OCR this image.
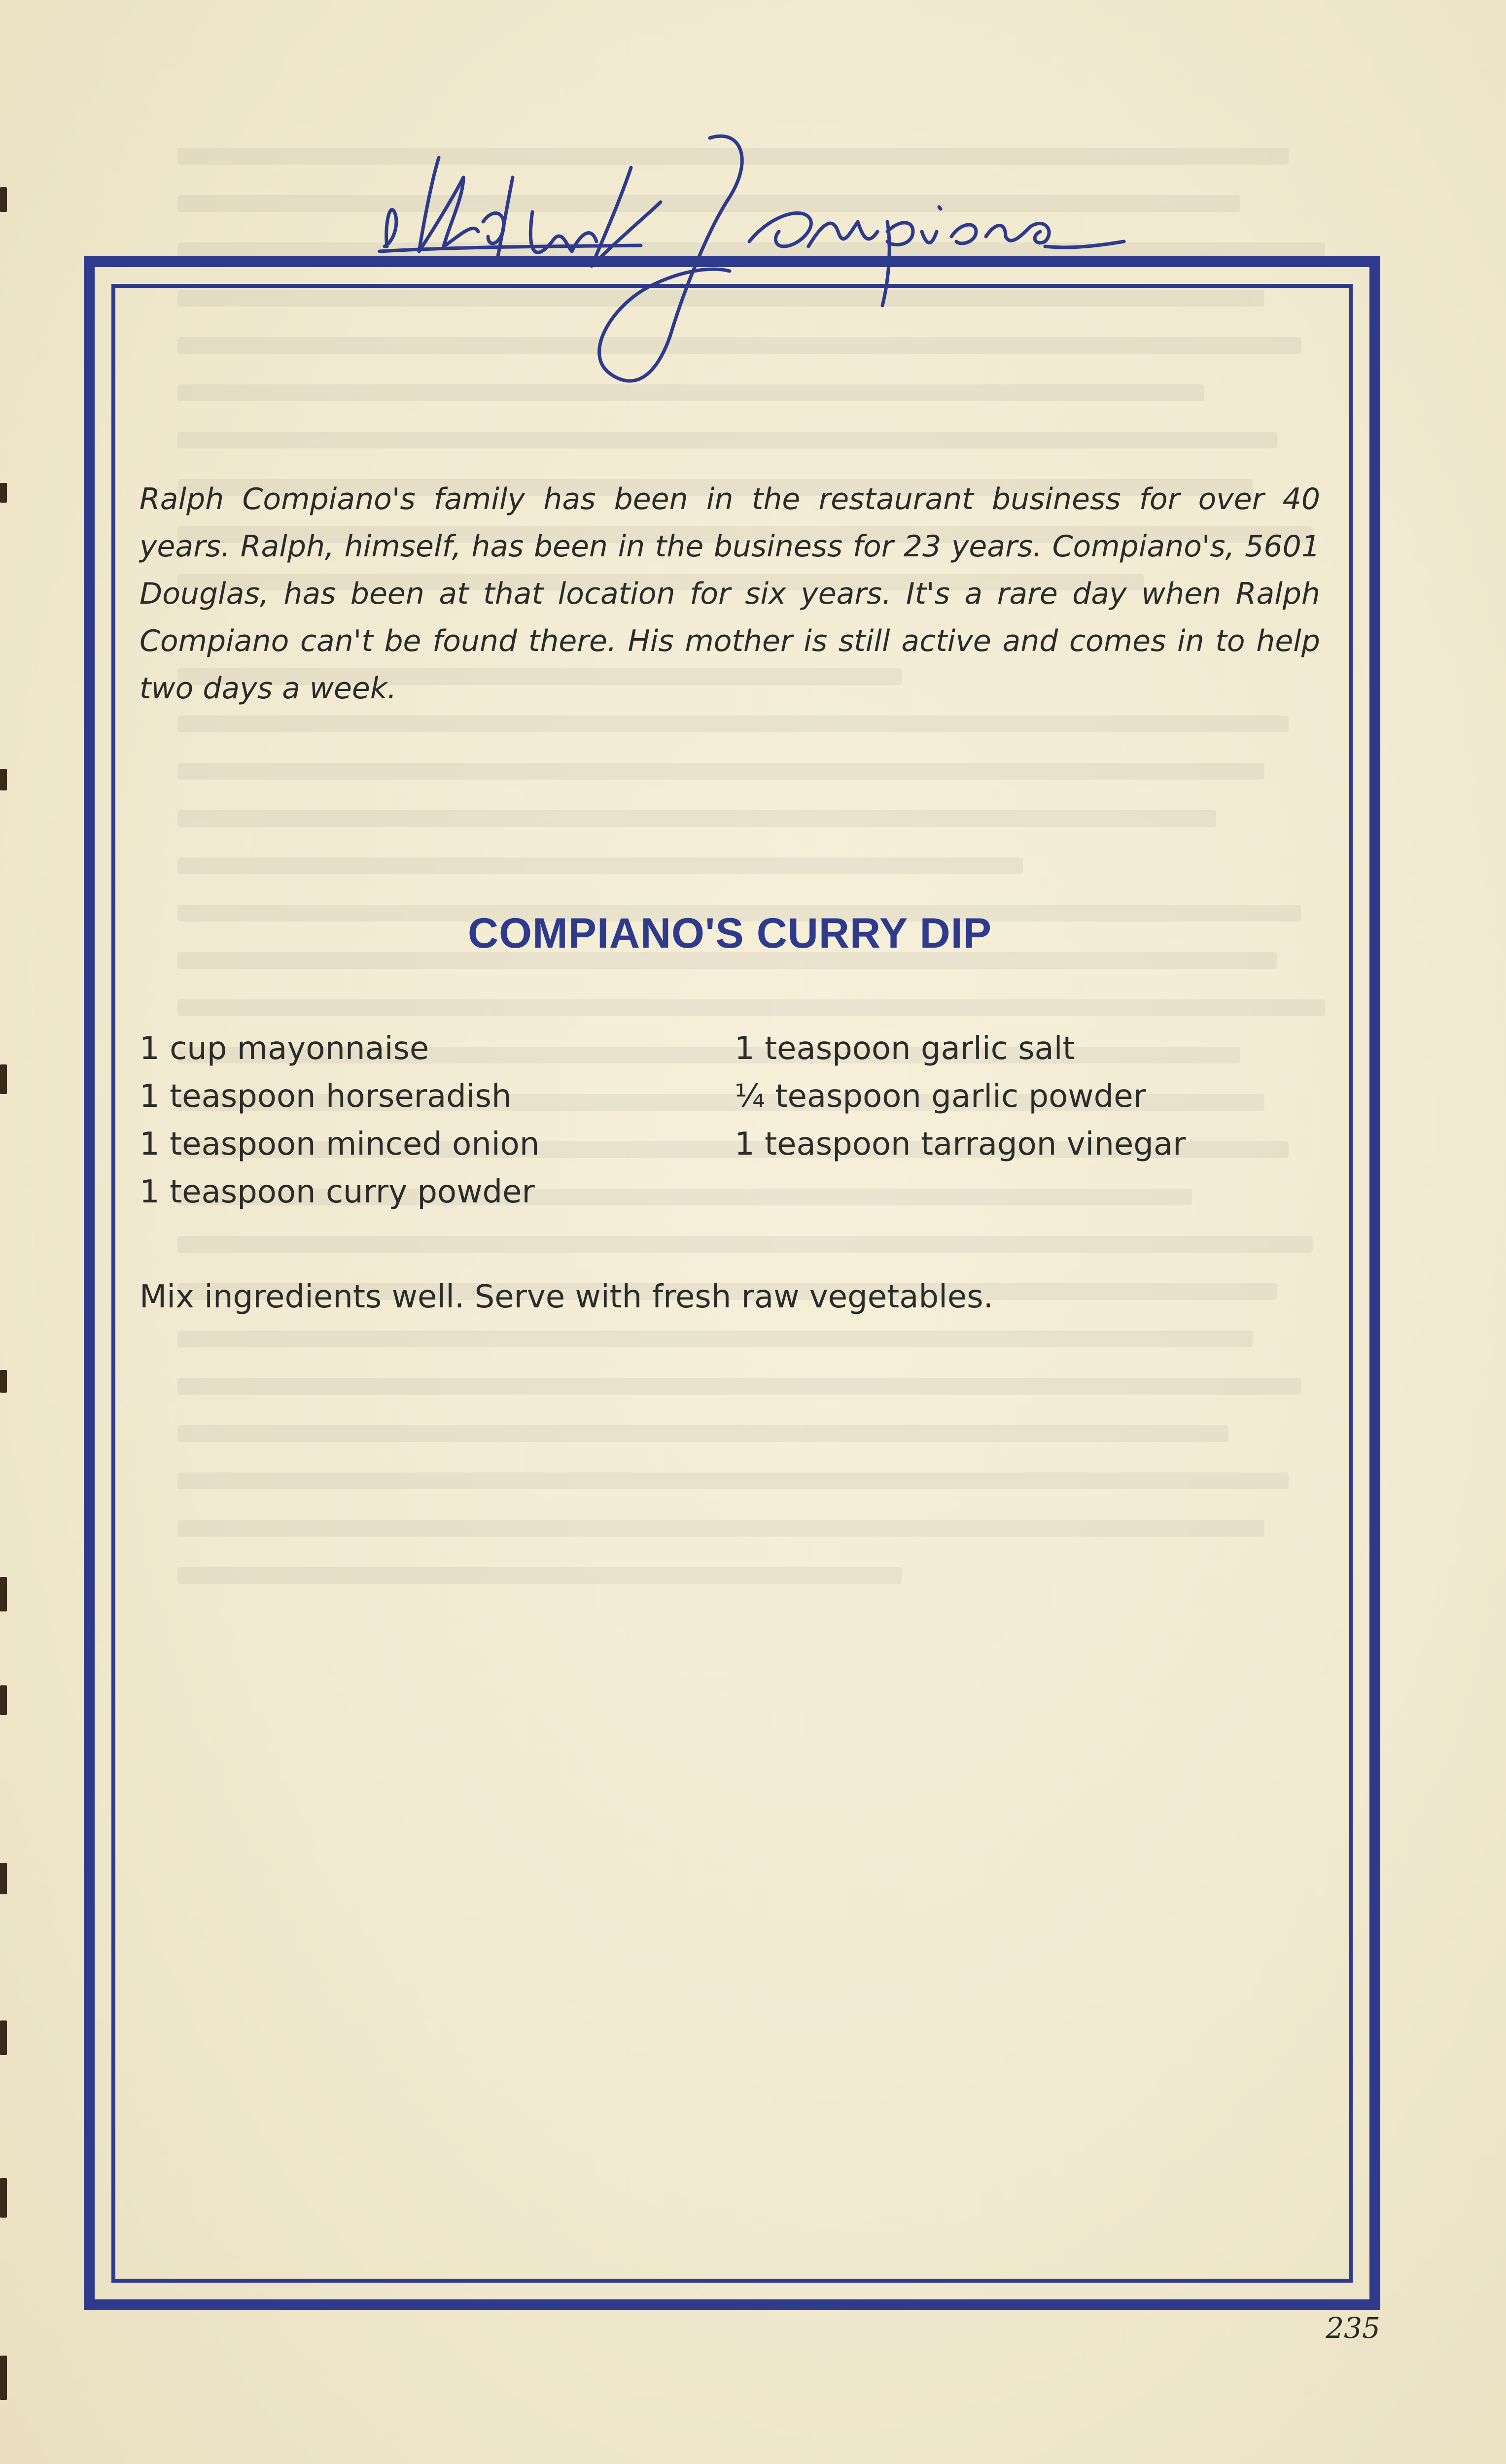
Ralph Compiano's family has been in the restaurant business for over 40 years. Ralph, himself, has been in the business for 23 years. Compiano's, 5601 Douglas, has been at that location for six years. It's a rare day when Ralph Compiano can't be found there. His mother is still active and comes in to help two days a week.

COMPIANO'S CURRY DIP
1 cup mayonnaise
1 teaspoon horseradish
1 teaspoon minced onion
1 teaspoon curry powder
1 teaspoon garlic salt
¼ teaspoon garlic powder
1 teaspoon tarragon vinegar

Mix ingredients well. Serve with fresh raw vegetables.

235
